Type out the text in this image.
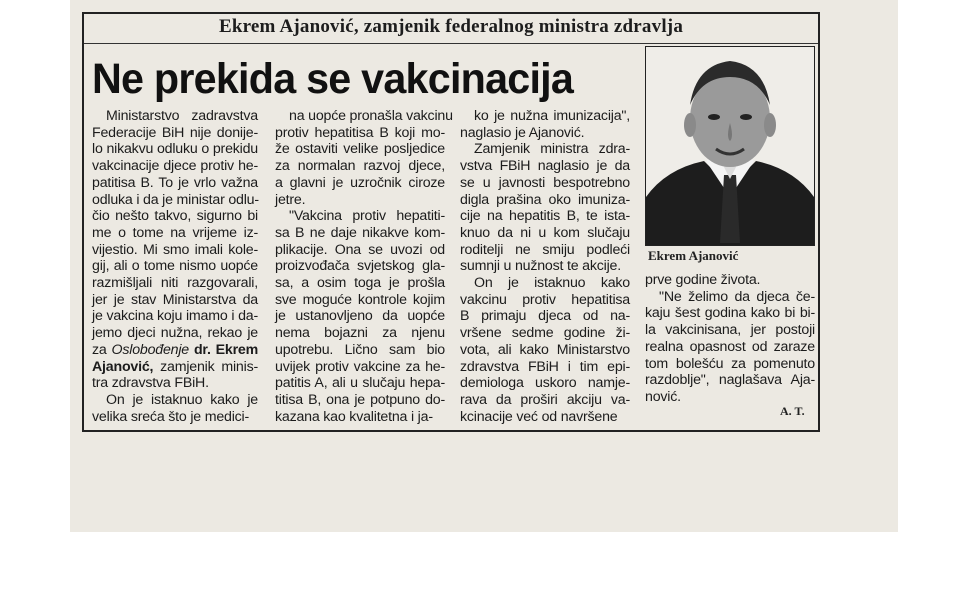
Ekrem Ajanović, zamjenik federalnog ministra zdravlja
Ne prekida se vakcinacija
Ekrem Ajanović
Ministarstvo zadravstva
Federacije BiH nije donije-
lo nikakvu odluku o prekidu
vakcinacije djece protiv he-
patitisa B. To je vrlo važna
odluka i da je ministar odlu-
čio nešto takvo, sigurno bi
me o tome na vrijeme iz-
vijestio. Mi smo imali kole-
gij, ali o tome nismo uopće
razmišljali niti razgovarali,
jer je stav Ministarstva da
je vakcina koju imamo i da-
jemo djeci nužna, rekao je
za Oslobođenje dr. Ekrem
Ajanović, zamjenik minis-
tra zdravstva FBiH.
On je istaknuo kako je
velika sreća što je medici-
na uopće pronašla vakcinu
protiv hepatitisa B koji mo-
že ostaviti velike posljedice
za normalan razvoj djece,
a glavni je uzročnik ciroze
jetre.
"Vakcina protiv hepatiti-
sa B ne daje nikakve kom-
plikacije. Ona se uvozi od
proizvođača svjetskog gla-
sa, a osim toga je prošla
sve moguće kontrole kojim
je ustanovljeno da uopće
nema bojazni za njenu
upotrebu. Lično sam bio
uvijek protiv vakcine za he-
patitis A, ali u slučaju hepa-
titisa B, ona je potpuno do-
kazana kao kvalitetna i ja-
ko je nužna imunizacija",
naglasio je Ajanović.
Zamjenik ministra zdra-
vstva FBiH naglasio je da
se u javnosti bespotrebno
digla prašina oko imuniza-
cije na hepatitis B, te ista-
knuo da ni u kom slučaju
roditelji ne smiju podleći
sumnji u nužnost te akcije.
On je istaknuo kako
vakcinu protiv hepatitisa
B primaju djeca od na-
vršene sedme godine ži-
vota, ali kako Ministarstvo
zdravstva FBiH i tim epi-
demiologa uskoro namje-
rava da proširi akciju va-
kcinacije već od navršene
prve godine života.
"Ne želimo da djeca če-
kaju šest godina kako bi bi-
la vakcinisana, jer postoji
realna opasnost od zaraze
tom bolešću za pomenuto
razdoblje", naglašava Aja-
nović.
A. T.
